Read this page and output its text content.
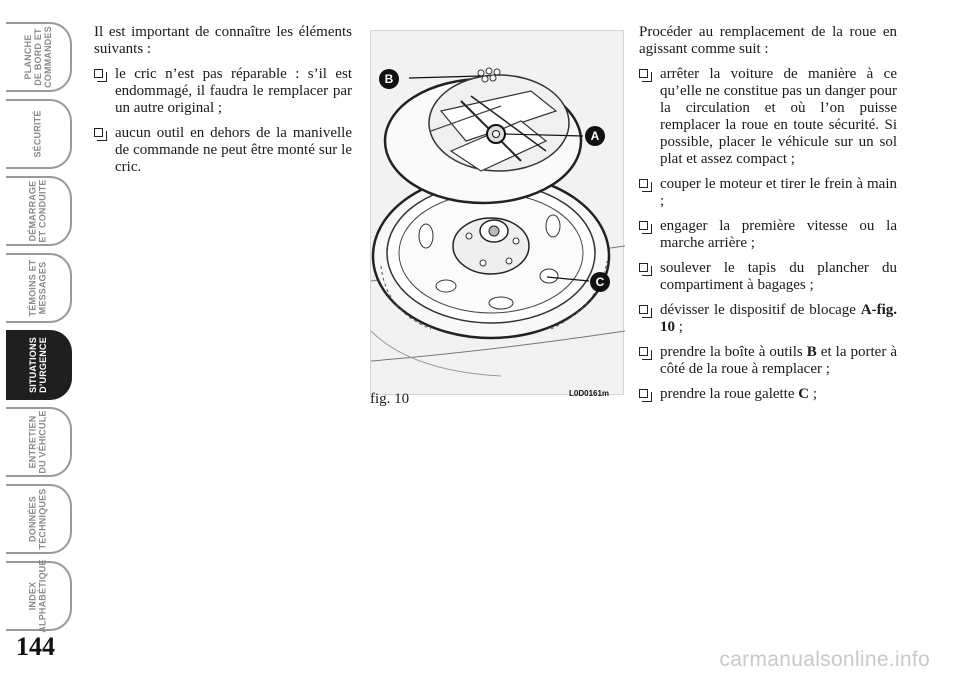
PLANCHE
DE BORD ET
COMMANDES
SÉCURITÉ
DÉMARRAGE
ET CONDUITE
TÉMOINS ET
MESSAGES
SITUATIONS
D’URGENCE
ENTRETIEN
DU VÉHICULE
DONNÉES
TECHNIQUES
INDEX
ALPHABÉTIQUE
144

Il est important de connaître les éléments suivants :

le cric n’est pas réparable : s’il est endommagé, il faudra le remplacer par un autre original ;
aucun outil en dehors de la manivelle de commande ne peut être monté sur le cric.
B
A
C
fig. 10	L0D0161m

Procéder au remplacement de la roue en agissant comme suit :

arrêter la voiture de manière à ce qu’elle ne constitue pas un danger pour la circulation et où l’on puisse remplacer la roue en toute sécurité. Si possible, placer le véhicule sur un sol plat et assez compact ;
couper le moteur et tirer le frein à main ;
engager la première vitesse ou la marche arrière ;
soulever le tapis du plancher du compartiment à bagages ;
dévisser le dispositif de blocage A-fig. 10 ;
prendre la boîte à outils B et la porter à côté de la roue à remplacer ;
prendre la roue galette C ;
carmanualsonline.info
